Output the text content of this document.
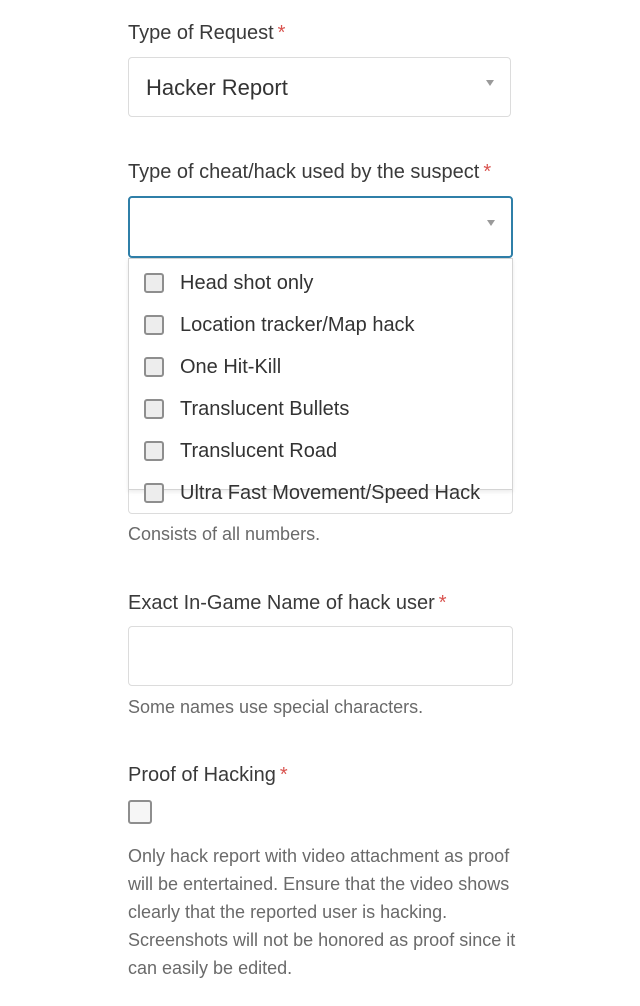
Type of Request *
Hacker Report
Type of cheat/hack used by the suspect *
Head shot only
Location tracker/Map hack
One Hit-Kill
Translucent Bullets
Translucent Road
Ultra Fast Movement/Speed Hack
Consists of all numbers.
Exact In-Game Name of hack user *
Some names use special characters.
Proof of Hacking *
Only hack report with video attachment as proof will be entertained. Ensure that the video shows clearly that the reported user is hacking. Screenshots will not be honored as proof since it can easily be edited.
